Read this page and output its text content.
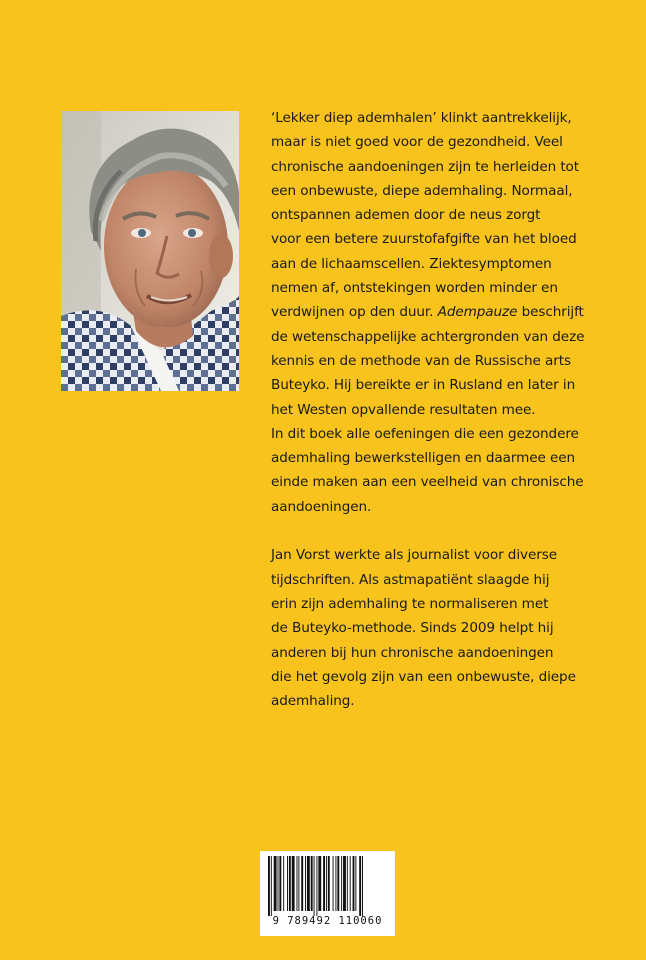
‘Lekker diep ademhalen’ klinkt aantrekkelijk,
maar is niet goed voor de gezondheid. Veel
chronische aandoeningen zijn te herleiden tot
een onbewuste, diepe ademhaling. Normaal,
ontspannen ademen door de neus zorgt
voor een betere zuurstofafgifte van het bloed
aan de lichaamscellen. Ziektesymptomen
nemen af, ontstekingen worden minder en
verdwijnen op den duur. Adempauze beschrijft
de wetenschappelijke achtergronden van deze
kennis en de methode van de Russische arts
Buteyko. Hij bereikte er in Rusland en later in
het Westen opvallende resultaten mee.
In dit boek alle oefeningen die een gezondere
ademhaling bewerkstelligen en daarmee een
einde maken aan een veelheid van chronische
aandoeningen.
Jan Vorst werkte als journalist voor diverse
tijdschriften. Als astmapatiënt slaagde hij
erin zijn ademhaling te normaliseren met
de Buteyko-methode. Sinds 2009 helpt hij
anderen bij hun chronische aandoeningen
die het gevolg zijn van een onbewuste, diepe
ademhaling.
9 789492 110060
